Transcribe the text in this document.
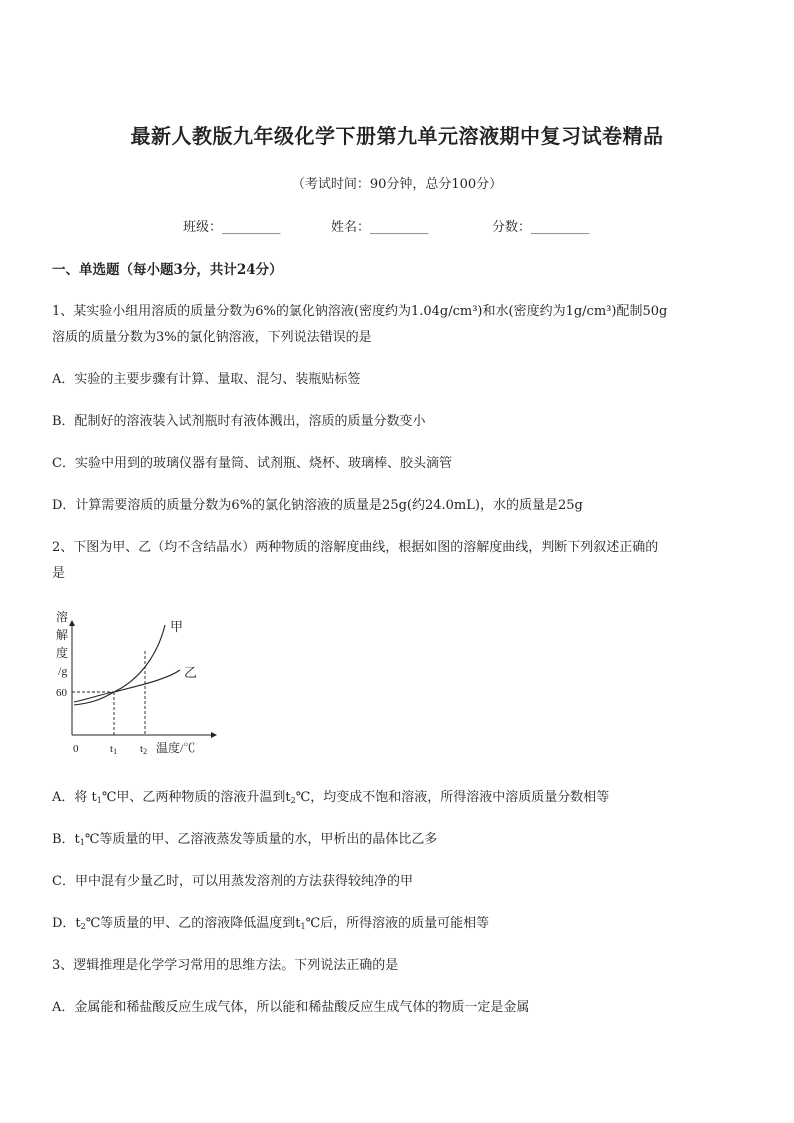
最新人教版九年级化学下册第九单元溶液期中复习试卷精品
（考试时间：90分钟，总分100分）
班级：_________	姓名：_________	分数：_________
一、单选题（每小题3分，共计24分）
1、某实验小组用溶质的质量分数为6%的氯化钠溶液(密度约为1.04g/cm³)和水(密度约为1g/cm³)配制50g
溶质的质量分数为3%的氯化钠溶液，下列说法错误的是
A．实验的主要步骤有计算、量取、混匀、装瓶贴标签
B．配制好的溶液装入试剂瓶时有液体溅出，溶质的质量分数变小
C．实验中用到的玻璃仪器有量筒、试剂瓶、烧杯、玻璃棒、胶头滴管
D．计算需要溶质的质量分数为6%的氯化钠溶液的质量是25g(约24.0mL)，水的质量是25g
2、下图为甲、乙（均不含结晶水）两种物质的溶解度曲线，根据如图的溶解度曲线，判断下列叙述正确的
是
溶
解
度
/g
60
0	t1 t2 温度/℃
甲
乙
A．将 $t_1℃$甲、乙两种物质的溶液升温到$t_2℃$，均变成不饱和溶液，所得溶液中溶质质量分数相等
B．$t_1℃$等质量的甲、乙溶液蒸发等质量的水，甲析出的晶体比乙多
C．甲中混有少量乙时，可以用蒸发溶剂的方法获得较纯净的甲
D．$t_2℃$等质量的甲、乙的溶液降低温度到$t_1℃$后，所得溶液的质量可能相等
3、逻辑推理是化学学习常用的思维方法。下列说法正确的是
A．金属能和稀盐酸反应生成气体，所以能和稀盐酸反应生成气体的物质一定是金属
